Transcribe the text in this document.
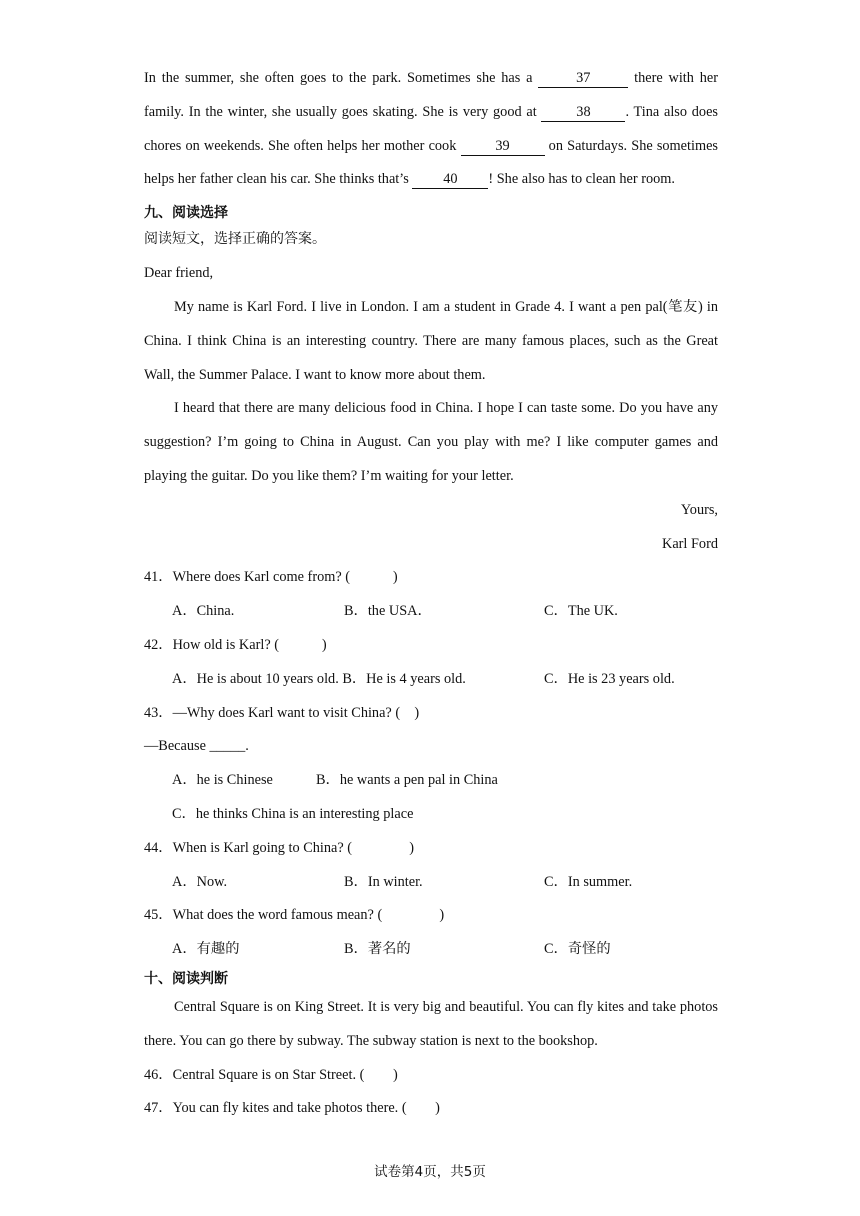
In the summer, she often goes to the park. Sometimes she has a	37	there with her family. In the winter, she usually goes skating. She is very good at 38 . Tina also does chores on weekends. She often helps her mother cook 39 on Saturdays. She sometimes helps her father clean his car. She thinks that’s 40 ! She also has to clean her room.

九、阅读选择
阅读短文，选择正确的答案。

Dear friend,

My name is Karl Ford. I live in London. I am a student in Grade 4. I want a pen pal(笔友) in China. I think China is an interesting country. There are many famous places, such as the Great Wall, the Summer Palace. I want to know more about them.

I heard that there are many delicious food in China. I hope I can taste some. Do you have any suggestion? I’m going to China in August. Can you play with me? I like computer games and playing the guitar. Do you like them? I’m waiting for your letter.

Yours,

Karl Ford

41．Where does Karl come from? (　　　)

A．China.	B．the USA．	C．The UK.

42．How old is Karl? (　　　)

A．He is about 10 years old. B．He is 4 years old.	C．He is 23 years old.

43．—Why does Karl want to visit China? (　)

—Because _____.

A．he is Chinese	B．he wants a pen pal in China
C．he thinks China is an interesting place

44．When is Karl going to China? (　　　　)

A．Now.	B．In winter.	C．In summer.

45．What does the word famous mean? (　　　　)

A．有趣的	B．著名的	C．奇怪的
十、阅读判断

Central Square is on King Street. It is very big and beautiful. You can fly kites and take photos there. You can go there by subway. The subway station is next to the bookshop.

46．Central Square is on Star Street. (　　)

47．You can fly kites and take photos there. (　　)

试卷第4页，共5页
